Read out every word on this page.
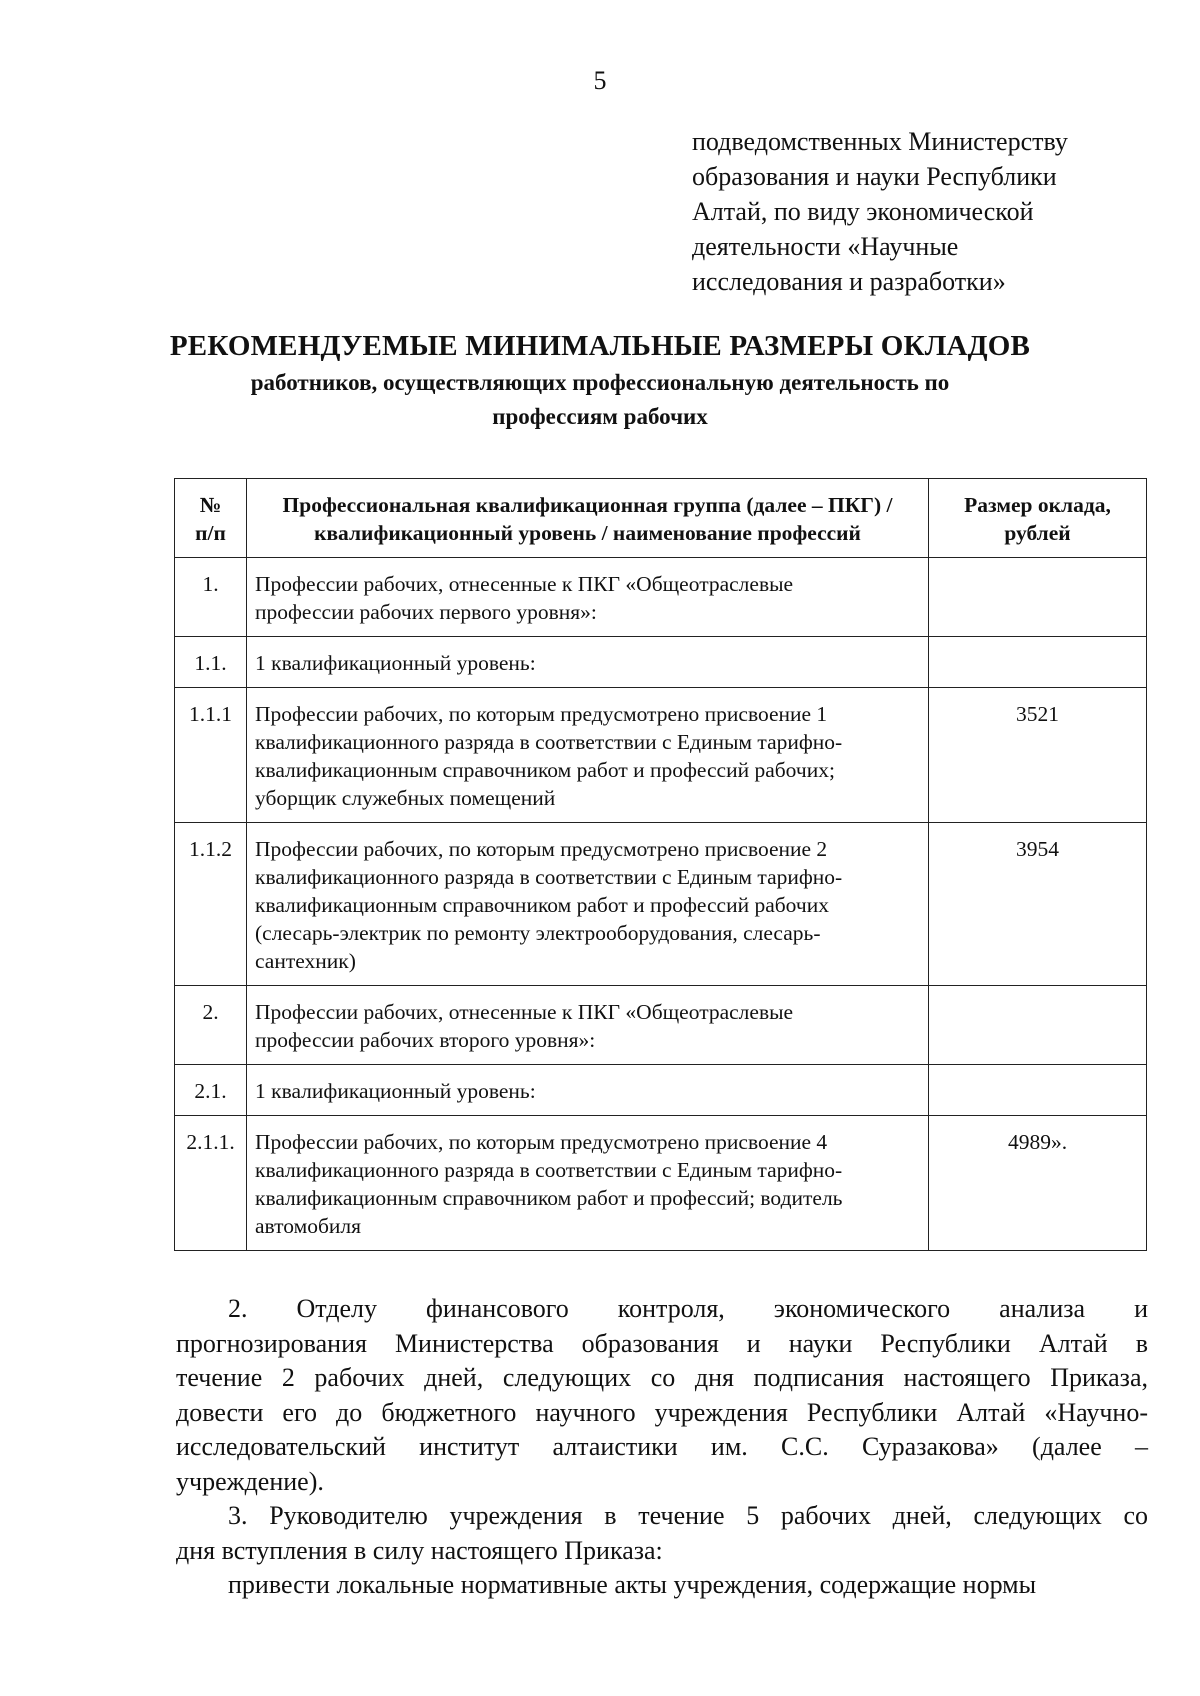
5
подведомственных Министерству
образования и науки Республики
Алтай, по виду экономической
деятельности «Научные
исследования и разработки»
РЕКОМЕНДУЕМЫЕ МИНИМАЛЬНЫЕ РАЗМЕРЫ ОКЛАДОВ
работников, осуществляющих профессиональную деятельность по
профессиям рабочих
№ п/п	Профессиональная квалификационная группа (далее – ПКГ) /квалификационный уровень / наименование профессий	Размер оклада, рублей
1.	Профессии рабочих, отнесенные к ПКГ «Общеотраслевые
профессии рабочих первого уровня»:	

1.1.	1 квалификационный уровень:	

1.1.1	Профессии рабочих, по которым предусмотрено присвоение 1
квалификационного разряда в соответствии с Единым тарифно-
квалификационным справочником работ и профессий рабочих;
уборщик служебных помещений	3521
1.1.2	Профессии рабочих, по которым предусмотрено присвоение 2
квалификационного разряда в соответствии с Единым тарифно-
квалификационным справочником работ и профессий рабочих
(слесарь-электрик по ремонту электрооборудования, слесарь-
сантехник)	3954
2.	Профессии рабочих, отнесенные к ПКГ «Общеотраслевые
профессии рабочих второго уровня»:	

2.1.	1 квалификационный уровень:	

2.1.1.	Профессии рабочих, по которым предусмотрено присвоение 4
квалификационного разряда в соответствии с Единым тарифно-
квалификационным справочником работ и профессий; водитель
автомобиля	4989».
2. Отделу финансового контроля, экономического анализа и
прогнозирования Министерства образования и науки Республики Алтай в
течение 2 рабочих дней, следующих со дня подписания настоящего Приказа,
довести его до бюджетного научного учреждения Республики Алтай «Научно-
исследовательский институт алтаистики им. С.С. Суразакова» (далее –
учреждение).
3. Руководителю учреждения в течение 5 рабочих дней, следующих со
дня вступления в силу настоящего Приказа:
привести локальные нормативные акты учреждения, содержащие нормы
